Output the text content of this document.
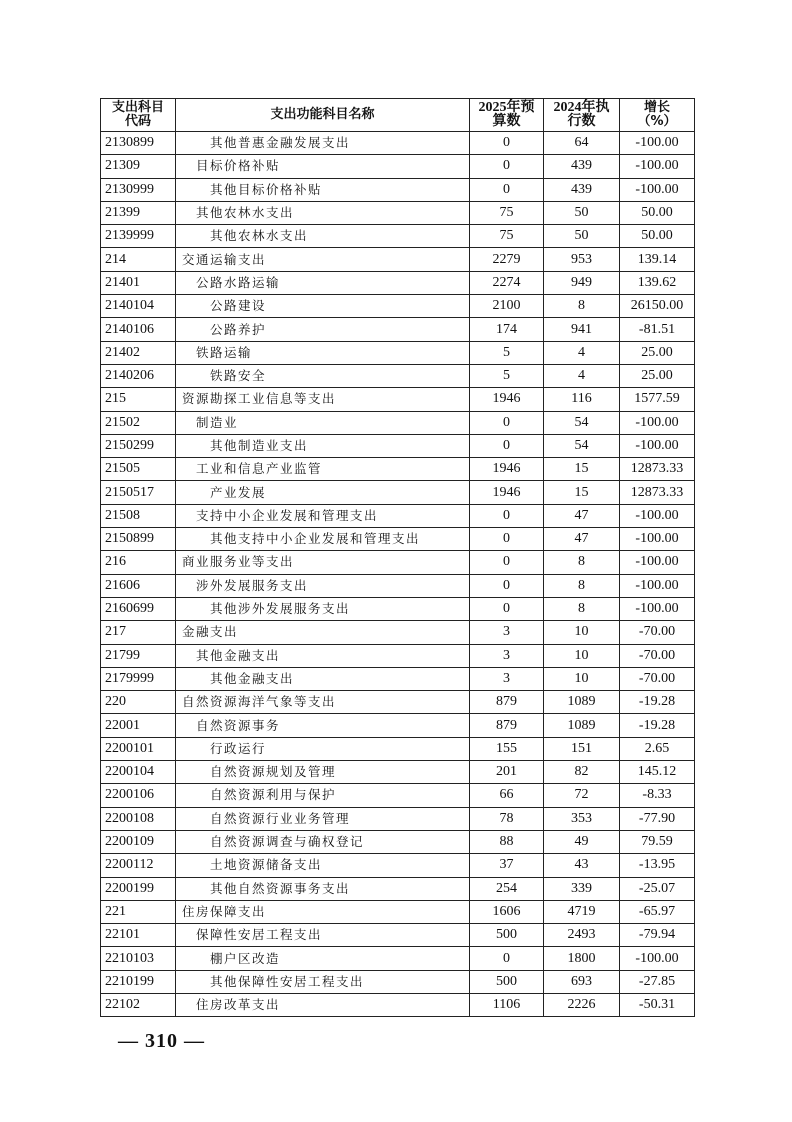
支出科目代码	支出功能科目名称	2025年预算数	2024年执行数	增长（%）
2130899	其他普惠金融发展支出	0	64	-100.00
21309	目标价格补贴	0	439	-100.00
2130999	其他目标价格补贴	0	439	-100.00
21399	其他农林水支出	75	50	50.00
2139999	其他农林水支出	75	50	50.00
214	交通运输支出	2279	953	139.14
21401	公路水路运输	2274	949	139.62
2140104	公路建设	2100	8	26150.00
2140106	公路养护	174	941	-81.51
21402	铁路运输	5	4	25.00
2140206	铁路安全	5	4	25.00
215	资源勘探工业信息等支出	1946	116	1577.59
21502	制造业	0	54	-100.00
2150299	其他制造业支出	0	54	-100.00
21505	工业和信息产业监管	1946	15	12873.33
2150517	产业发展	1946	15	12873.33
21508	支持中小企业发展和管理支出	0	47	-100.00
2150899	其他支持中小企业发展和管理支出	0	47	-100.00
216	商业服务业等支出	0	8	-100.00
21606	涉外发展服务支出	0	8	-100.00
2160699	其他涉外发展服务支出	0	8	-100.00
217	金融支出	3	10	-70.00
21799	其他金融支出	3	10	-70.00
2179999	其他金融支出	3	10	-70.00
220	自然资源海洋气象等支出	879	1089	-19.28
22001	自然资源事务	879	1089	-19.28
2200101	行政运行	155	151	2.65
2200104	自然资源规划及管理	201	82	145.12
2200106	自然资源利用与保护	66	72	-8.33
2200108	自然资源行业业务管理	78	353	-77.90
2200109	自然资源调查与确权登记	88	49	79.59
2200112	土地资源储备支出	37	43	-13.95
2200199	其他自然资源事务支出	254	339	-25.07
221	住房保障支出	1606	4719	-65.97
22101	保障性安居工程支出	500	2493	-79.94
2210103	棚户区改造	0	1800	-100.00
2210199	其他保障性安居工程支出	500	693	-27.85
22102	住房改革支出	1106	2226	-50.31
— 310 —
